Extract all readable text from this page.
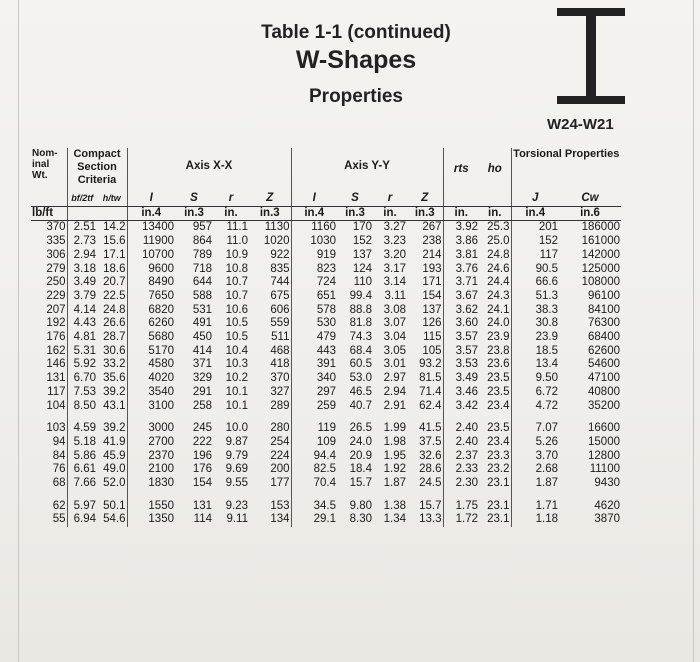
Table 1-1 (continued)
W-Shapes
Properties
W24-W21
Nom-inal Wt.	Compact Section Criteria		Axis X-X				Axis Y-Y				rts	ho	Torsional Properties	
	bf/2tf	h/tw	I	S	r	Z	I	S	r	Z			J	Cw
lb/ft			in.4	in.3	in.	in.3	in.4	in.3	in.	in.3	in.	in.	in.4	in.6
370	2.51	14.2	13400	957	11.1	1130	1160	170	3.27	267	3.92	25.3	201	186000
335	2.73	15.6	11900	864	11.0	1020	1030	152	3.23	238	3.86	25.0	152	161000
306	2.94	17.1	10700	789	10.9	922	919	137	3.20	214	3.81	24.8	117	142000
279	3.18	18.6	9600	718	10.8	835	823	124	3.17	193	3.76	24.6	90.5	125000
250	3.49	20.7	8490	644	10.7	744	724	110	3.14	171	3.71	24.4	66.6	108000
229	3.79	22.5	7650	588	10.7	675	651	99.4	3.11	154	3.67	24.3	51.3	96100
207	4.14	24.8	6820	531	10.6	606	578	88.8	3.08	137	3.62	24.1	38.3	84100
192	4.43	26.6	6260	491	10.5	559	530	81.8	3.07	126	3.60	24.0	30.8	76300
176	4.81	28.7	5680	450	10.5	511	479	74.3	3.04	115	3.57	23.9	23.9	68400
162	5.31	30.6	5170	414	10.4	468	443	68.4	3.05	105	3.57	23.8	18.5	62600
146	5.92	33.2	4580	371	10.3	418	391	60.5	3.01	93.2	3.53	23.6	13.4	54600
131	6.70	35.6	4020	329	10.2	370	340	53.0	2.97	81.5	3.49	23.5	9.50	47100
117	7.53	39.2	3540	291	10.1	327	297	46.5	2.94	71.4	3.46	23.5	6.72	40800
104	8.50	43.1	3100	258	10.1	289	259	40.7	2.91	62.4	3.42	23.4	4.72	35200

103	4.59	39.2	3000	245	10.0	280	119	26.5	1.99	41.5	2.40	23.5	7.07	16600
94	5.18	41.9	2700	222	9.87	254	109	24.0	1.98	37.5	2.40	23.4	5.26	15000
84	5.86	45.9	2370	196	9.79	224	94.4	20.9	1.95	32.6	2.37	23.3	3.70	12800
76	6.61	49.0	2100	176	9.69	200	82.5	18.4	1.92	28.6	2.33	23.2	2.68	11100
68	7.66	52.0	1830	154	9.55	177	70.4	15.7	1.87	24.5	2.30	23.1	1.87	9430

62	5.97	50.1	1550	131	9.23	153	34.5	9.80	1.38	15.7	1.75	23.1	1.71	4620
55	6.94	54.6	1350	114	9.11	134	29.1	8.30	1.34	13.3	1.72	23.1	1.18	3870
